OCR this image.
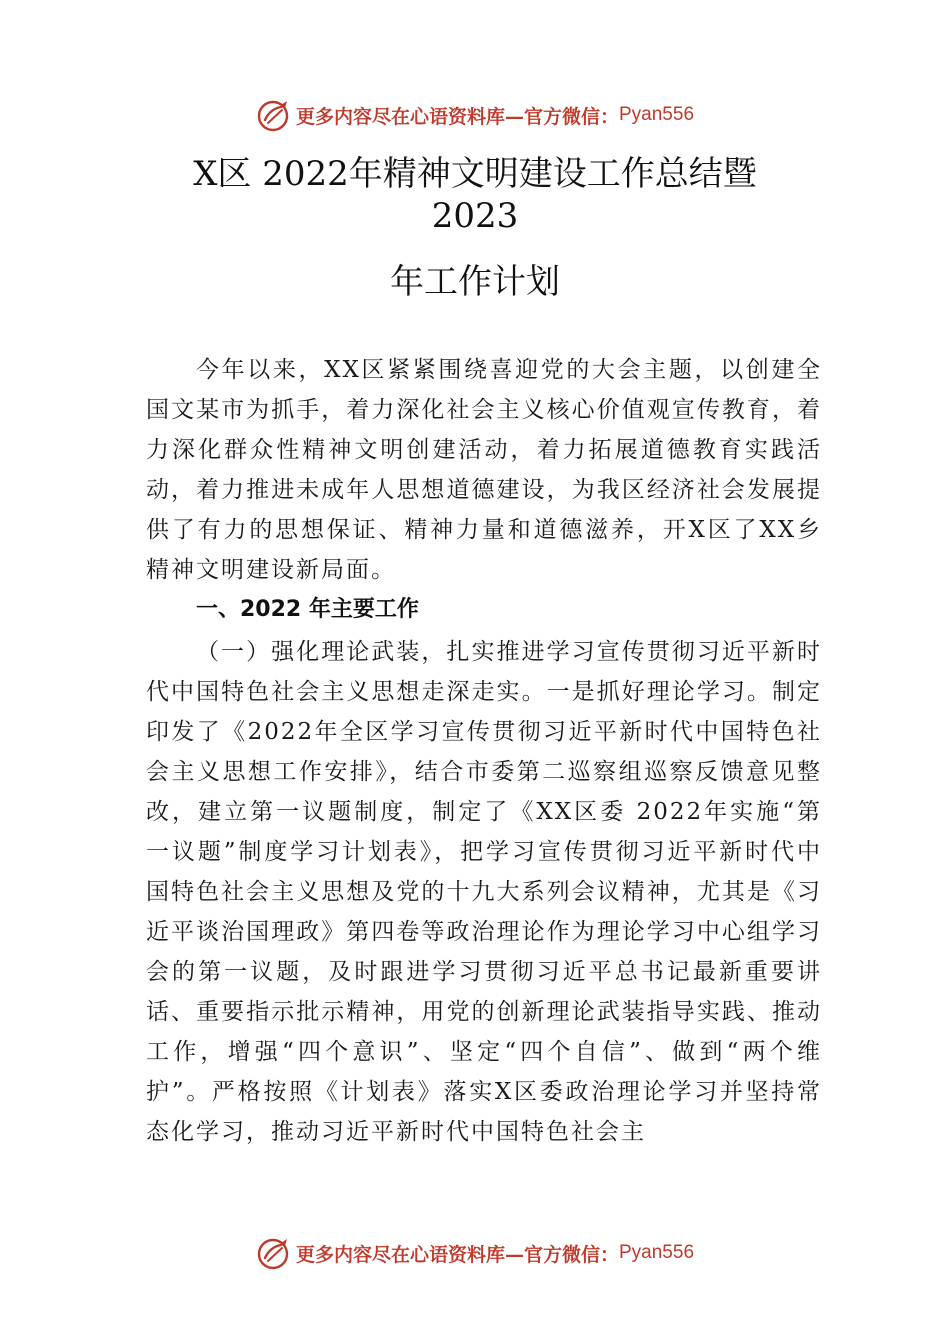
更多内容尽在心语资料库—官方微信： Pyan556
X区 2022年精神文明建设工作总结暨
2023
年工作计划
今年以来，XX区紧紧围绕喜迎党的大会主题，以创建全国文某市为抓手，着力深化社会主义核心价值观宣传教育，着力深化群众性精神文明创建活动，着力拓展道德教育实践活动，着力推进未成年人思想道德建设，为我区经济社会发展提供了有力的思想保证、精神力量和道德滋养，开X区了XX乡精神文明建设新局面。
一、2022 年主要工作
（一）强化理论武装，扎实推进学习宣传贯彻习近平新时代中国特色社会主义思想走深走实。一是抓好理论学习。制定印发了《2022年全区学习宣传贯彻习近平新时代中国特色社会主义思想工作安排》，结合市委第二巡察组巡察反馈意见整改，建立第一议题制度，制定了《XX区委 2022年实施“第一议题”制度学习计划表》，把学习宣传贯彻习近平新时代中国特色社会主义思想及党的十九大系列会议精神，尤其是《习近平谈治国理政》第四卷等政治理论作为理论学习中心组学习会的第一议题，及时跟进学习贯彻习近平总书记最新重要讲话、重要指示批示精神，用党的创新理论武装指导实践、推动工作，增强“四个意识”、坚定“四个自信”、做到“两个维护”。严格按照《计划表》落实X区委政治理论学习并坚持常态化学习，推动习近平新时代中国特色社会主
更多内容尽在心语资料库—官方微信： Pyan556
